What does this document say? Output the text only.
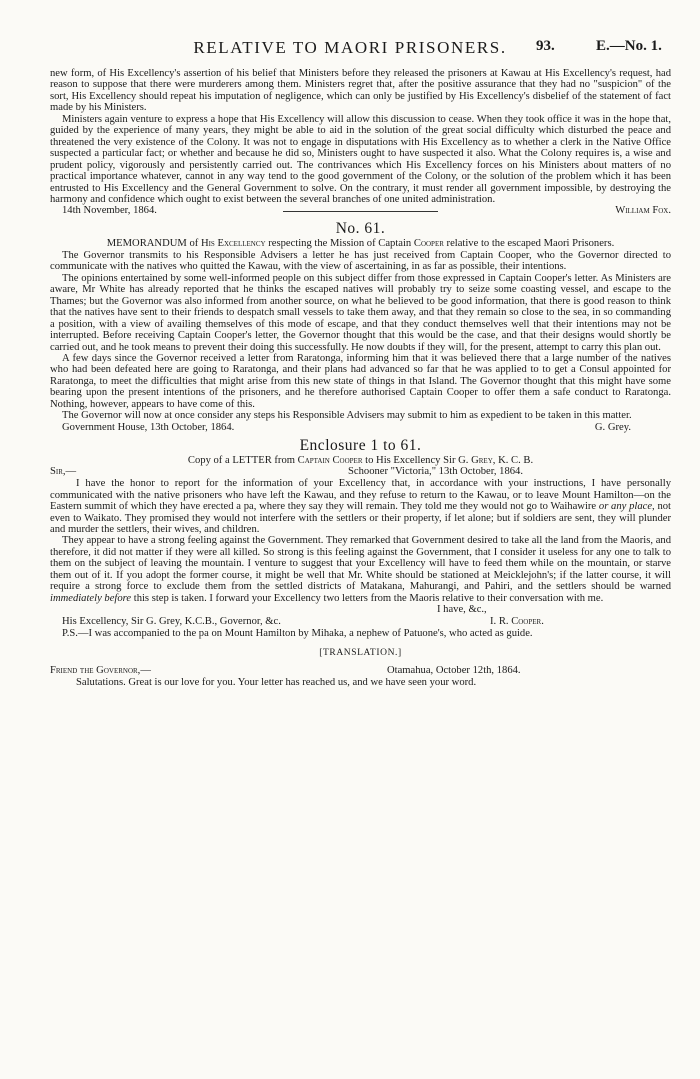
RELATIVE TO MAORI PRISONERS.	93.	E.—No. 1.

new form, of His Excellency's assertion of his belief that Ministers before they released the prisoners at Kawau at His Excellency's request, had reason to suppose that there were murderers among them. Ministers regret that, after the positive assurance that they had no "suspicion" of the sort, His Excellency should repeat his imputation of negligence, which can only be justified by His Excellency's disbelief of the statement of fact made by his Ministers.

Ministers again venture to express a hope that His Excellency will allow this discussion to cease. When they took office it was in the hope that, guided by the experience of many years, they might be able to aid in the solution of the great social difficulty which disturbed the peace and threatened the very existence of the Colony. It was not to engage in disputations with His Excellency as to whether a clerk in the Native Office suspected a particular fact; or whether and because he did so, Ministers ought to have suspected it also. What the Colony requires is, a wise and prudent policy, vigorously and persistently carried out. The contrivances which His Excellency forces on his Ministers about matters of no practical importance whatever, cannot in any way tend to the good government of the Colony, or the solution of the problem which it has been entrusted to His Excellency and the General Government to solve. On the contrary, it must render all government impossible, by destroying the harmony and confidence which ought to exist between the several branches of one united administration.

14th November, 1864.	William Fox.
No. 61.

MEMORANDUM of His Excellency respecting the Mission of Captain Cooper relative to the escaped Maori Prisoners.

The Governor transmits to his Responsible Advisers a letter he has just received from Captain Cooper, who the Governor directed to communicate with the natives who quitted the Kawau, with the view of ascertaining, in as far as possible, their intentions.

The opinions entertained by some well-informed people on this subject differ from those expressed in Captain Cooper's letter. As Ministers are aware, Mr White has already reported that he thinks the escaped natives will probably try to seize some coasting vessel, and escape to the Thames; but the Governor was also informed from another source, on what he believed to be good information, that there is good reason to think that the natives have sent to their friends to despatch small vessels to take them away, and that they remain so close to the sea, in so commanding a position, with a view of availing themselves of this mode of escape, and that they conduct themselves well that their intentions may not be interrupted. Before receiving Captain Cooper's letter, the Governor thought that this would be the case, and that their designs would shortly be carried out, and he took means to prevent their doing this successfully. He now doubts if they will, for the present, attempt to carry this plan out.

A few days since the Governor received a letter from Raratonga, informing him that it was believed there that a large number of the natives who had been defeated here are going to Raratonga, and their plans had advanced so far that he was applied to to get a Consul appointed for Raratonga, to meet the difficulties that might arise from this new state of things in that Island. The Governor thought that this might have some bearing upon the present intentions of the prisoners, and he therefore authorised Captain Cooper to offer them a safe conduct to Raratonga. Nothing, however, appears to have come of this.

The Governor will now at once consider any steps his Responsible Advisers may submit to him as expedient to be taken in this matter.

Government House, 13th October, 1864.	G. Grey.
Enclosure 1 to 61.

Copy of a LETTER from Captain Cooper to His Excellency Sir G. Grey, K. C. B.

Sir,—	Schooner "Victoria," 13th October, 1864.

I have the honor to report for the information of your Excellency that, in accordance with your instructions, I have personally communicated with the native prisoners who have left the Kawau, and they refuse to return to the Kawau, or to leave Mount Hamilton—on the Eastern summit of which they have erected a pa, where they say they will remain. They told me they would not go to Waihawire or any place, not even to Waikato. They promised they would not interfere with the settlers or their property, if let alone; but if soldiers are sent, they will plunder and murder the settlers, their wives, and children.

They appear to have a strong feeling against the Government. They remarked that Government desired to take all the land from the Maoris, and therefore, it did not matter if they were all killed. So strong is this feeling against the Government, that I consider it useless for any one to talk to them on the subject of leaving the mountain. I venture to suggest that your Excellency will have to feed them while on the mountain, or starve them out of it. If you adopt the former course, it might be well that Mr. White should be stationed at Meicklejohn's; if the latter course, it will require a strong force to exclude them from the settled districts of Matakana, Mahurangi, and Pahiri, and the settlers should be warned immediately before this step is taken. I forward your Excellency two letters from the Maoris relative to their conversation with me.

I have, &c.,
His Excellency, Sir G. Grey, K.C.B., Governor, &c.	I. R. Cooper.

P.S.—I was accompanied to the pa on Mount Hamilton by Mihaka, a nephew of Patuone's, who acted as guide.

[TRANSLATION.]
Friend the Governor,—	Otamahua, October 12th, 1864.

Salutations. Great is our love for you. Your letter has reached us, and we have seen your word.
